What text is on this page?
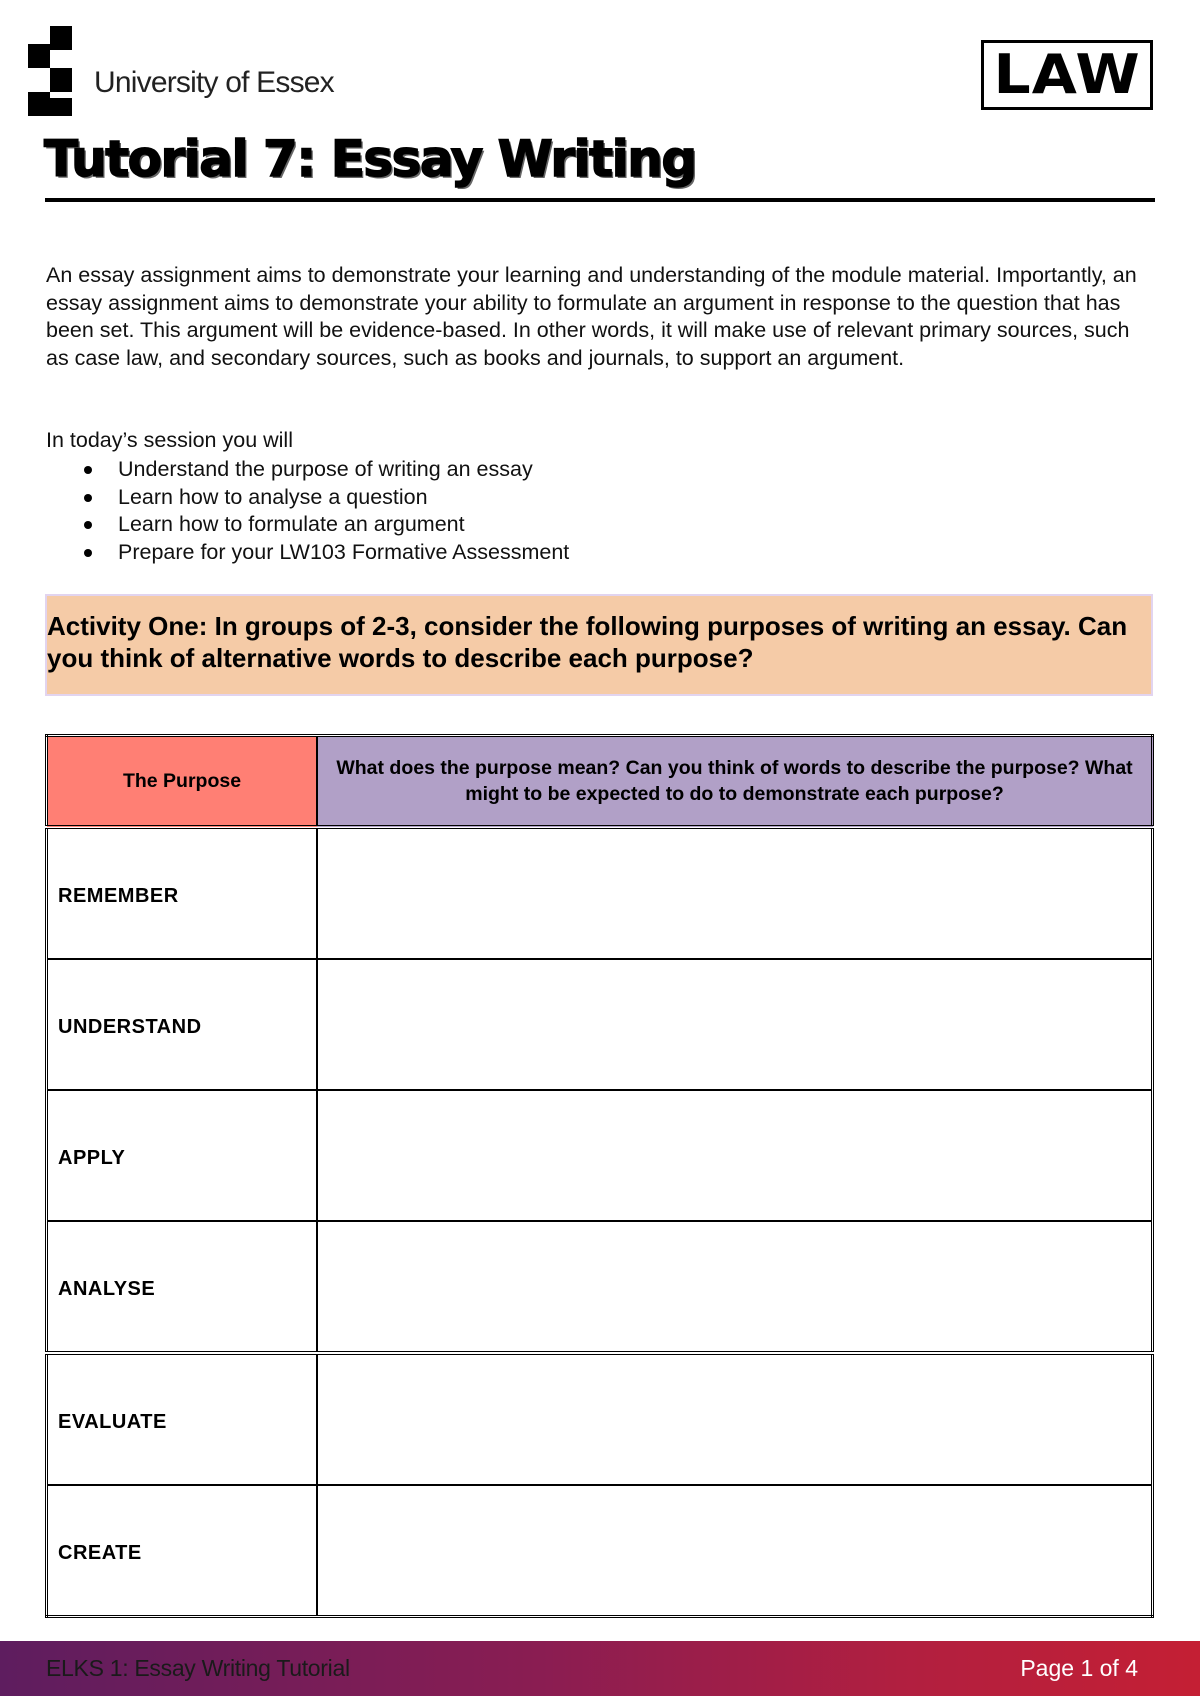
University of Essex	LAW
Tutorial 7: Essay Writing

An essay assignment aims to demonstrate your learning and understanding of the module material. Importantly, an essay assignment aims to demonstrate your ability to formulate an argument in response to the question that has been set. This argument will be evidence-based. In other words, it will make use of relevant primary sources, such as case law, and secondary sources, such as books and journals, to support an argument.

In today’s session you will

Understand the purpose of writing an essay
Learn how to analyse a question
Learn how to formulate an argument
Prepare for your LW103 Formative Assessment

Activity One: In groups of 2-3, consider the following purposes of writing an essay. Can you think of alternative words to describe each purpose?

The Purpose	What does the purpose mean? Can you think of words to describe the purpose? What might to be expected to do to demonstrate each purpose?
REMEMBER	
UNDERSTAND	
APPLY	
ANALYSE	
EVALUATE	
CREATE	
ELKS 1: Essay Writing Tutorial	Page 1 of 4
